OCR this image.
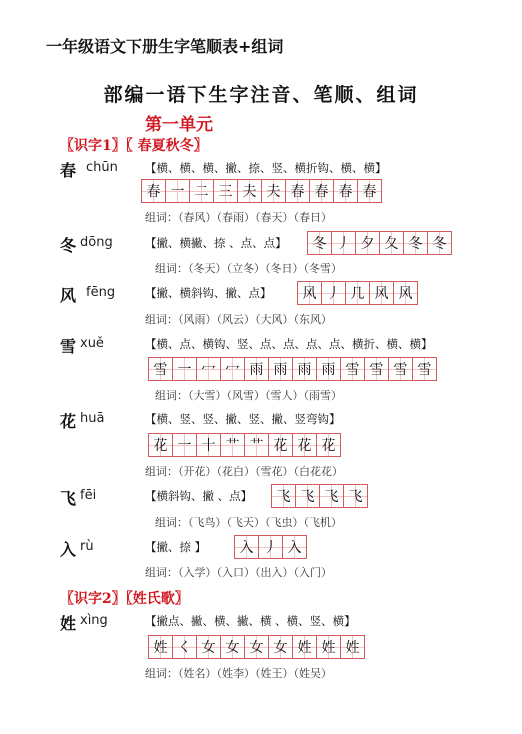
一年级语文下册生字笔顺表+组词
部编一语下生字注音、笔顺、组词
第一单元
〖识字1〗〖 春夏秋冬〗
春 chūn 【横、横、横、撇、捺、竖、横折钩、横、横】
春 一 二 三 夫 夫 春 春 春 春
组词：（春风）（春雨）（春天）（春日）
冬 dōng	【撇、横撇、捺 、点、点】	冬 丿 夕 夂 冬 冬
组词：（冬天）（立冬）（冬日）（冬雪）
风 fēng	【撇、横斜钩、撇、点】	风 丿 几 风 风
组词：（风雨）（风云）（大风）（东风）
雪 xuě	【横、点、横钩、竖、点、点、点、点、横折、横、横】
雪 一 冖 冖 雨 雨 雨 雨 雪 雪 雪 雪
组词：（大雪）（风雪）（雪人）（雨雪）
花 huā	【横、竖、竖、撇、竖、撇、竖弯钩】
花 一 十 艹 艹 花 花 花
组词：（开花）（花白）（雪花）（白花花）
飞 fēi	【横斜钩、撇 、点】	飞 飞 飞 飞
组词：（飞鸟）（飞天）（飞虫）（飞机）
入 rù	【撇、捺 】	入 丿 入
组词：（入学）（入口）（出入）（入门）
〖识字2〗〖姓氏歌〗
姓 xìng	【撇点、撇、横、撇、横 、横、竖、横】
姓 く 女 女 女 女 姓 姓 姓
组词：（姓名）（姓李）（姓王）（姓吴）
